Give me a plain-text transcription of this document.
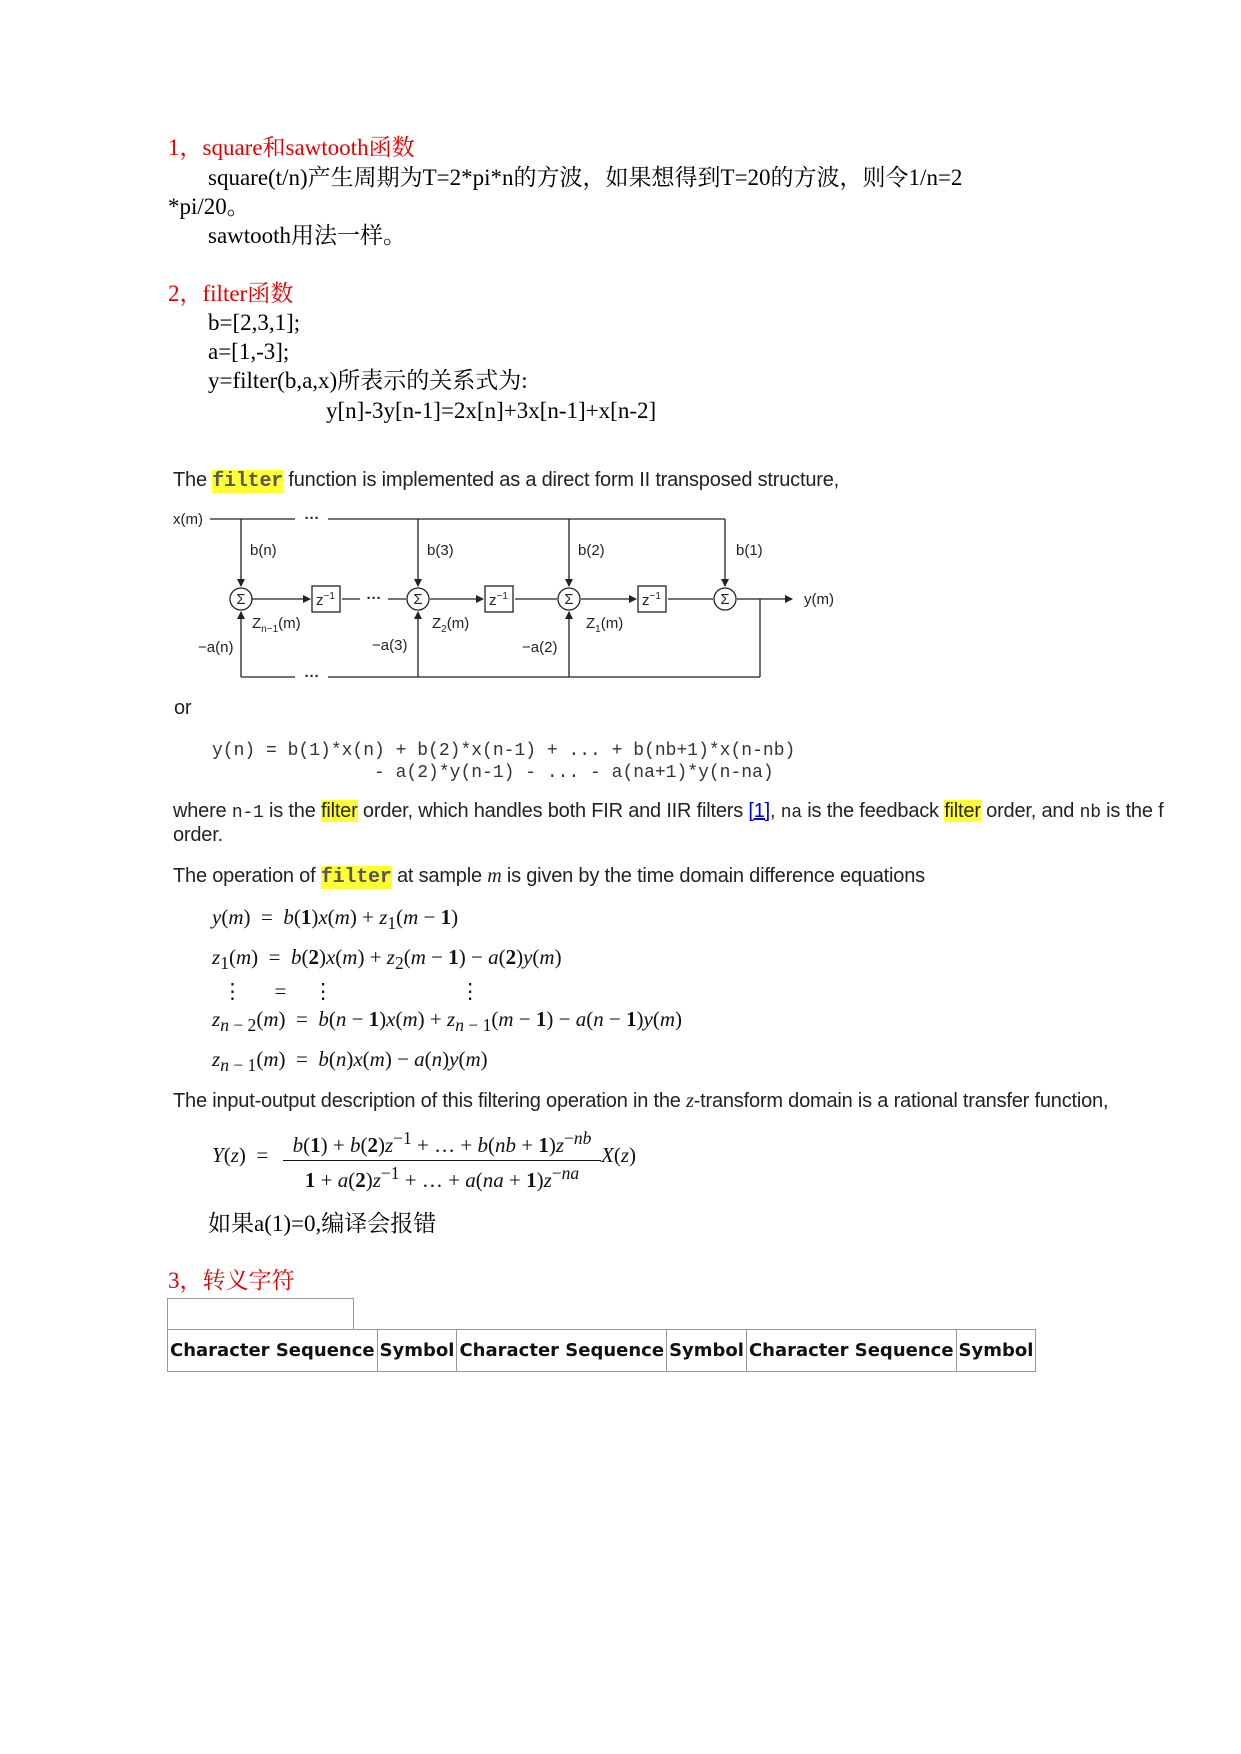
1，square和sawtooth函数
square(t/n)产生周期为T=2*pi*n的方波，如果想得到T=20的方波，则令1/n=2
*pi/20。
sawtooth用法一样。
2，filter函数
b=[2,3,1];
a=[1,-3];
y=filter(b,a,x)所表示的关系式为:
y[n]-3y[n-1]=2x[n]+3x[n-1]+x[n-2]
The filter function is implemented as a direct form II transposed structure,
Σ	Σ	Σ	Σ
$z^{-1}$	$z^{-1}$	$z^{-1}$
···
···
···
x(m)
y(m)
b(n)	b(3)	b(2)	b(1)
−a(n)	−a(3)	−a(2)
$Z_{n-1}(m)$	$Z_2(m)$	$Z_1(m)$
or
y(n) = b(1)*x(n) + b(2)*x(n-1) + ... + b(nb+1)*x(n-nb)
- a(2)*y(n-1) - ... - a(na+1)*y(n-na)
where n-1 is the filter order, which handles both FIR and IIR filters [1], na is the feedback filter order, and nb is the f
order.
The operation of filter at sample m is given by the time domain difference equations
$y(m) = b(1)x(m) + z_1(m - 1)$
$z_1(m) = b(2)x(m) + z_2(m - 1) - a(2)y(m)$
⋮      =     ⋮                        ⋮
$z_{n - 2}(m) = b(n - 1)x(m) + z_{n - 1}(m - 1) - a(n - 1)y(m)$
$z_{n - 1}(m) = b(n)x(m) - a(n)y(m)$
The input-output description of this filtering operation in the z-transform domain is a rational transfer function,
Y(z)  =	$b(1) + b(2)z^{-1}$ + … + $b(nb + 1)z^{-nb}$
$1 + a(2)z^{-1}$ + … + $a(na + 1)z^{-na}$
X(z)
如果a(1)=0,编译会报错
3，转义字符
Character Sequence	Symbol	Character Sequence	Symbol	Character Sequence	Symbol
